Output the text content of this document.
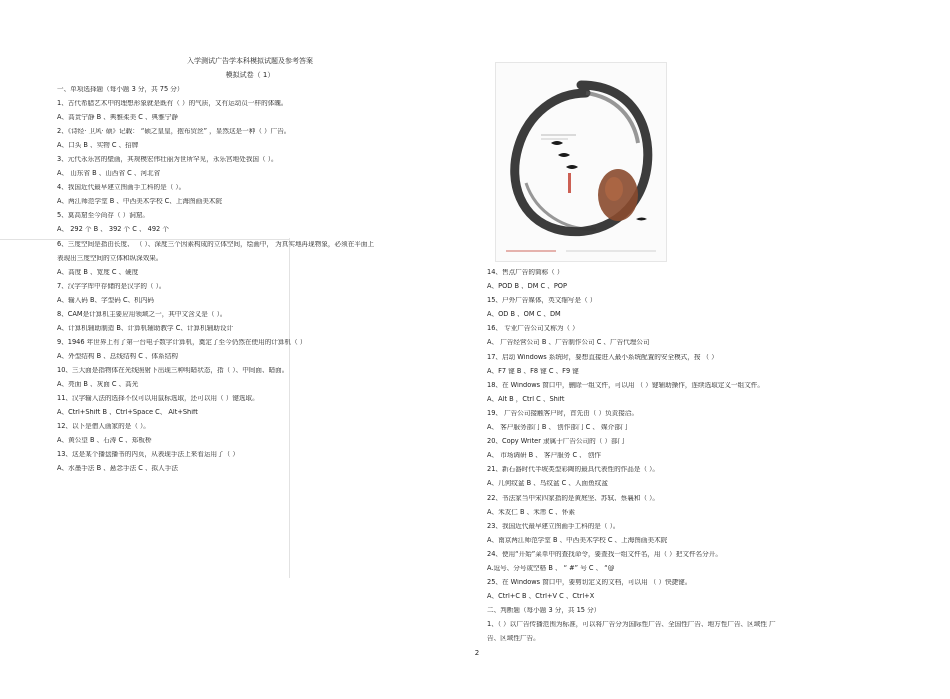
入学测试广告学本科模拟试题及参考答案
模拟试卷（ 1）
一、单项选择题（每小题 3 分，共 75 分）
1、古代希腊艺术中的理想形象就是既有（ ）的气质，又有运动员一样的体魄。
A、高贵宁静 B 、典雅柔美 C 、典雅宁静
2、《诗经· 卫风· 硕》记载： “硕之皇皇，抱布贸丝” ，显然这是一种（ ）广告。
A、口头 B 、实物 C 、招牌
3、元代永乐宫的壁画，其规模宏伟壮丽为世所罕见，永乐宫地处我国（ ）。
A、 山东省 B 、山西省 C 、河北省
4、我国近代最早建立图画手工科的是（ ）。
A、两江师范学堂 B 、中西美术学校 C、上海图画美术院
5、莫高窟至今尚存（ ）洞窟。
A、 292 个 B 、 392 个 C 、 492 个
6、三度空间是指由长度、 （ ）、深度三个因素构成的立体空间，绘画中， 为真实地再现物象，必须在平面上
表现出三度空间的立体和纵深效果。
A、高度 B 、宽度 C 、硬度
7、汉字字库中存储的是汉字的（ ）。
A、输入码 B、字型码 C、机内码
8、CAM是计算机主要应用领域之一，其中文含义是（ ）。
A、计算机辅助制造 B、计算机辅助教学 C、计算机辅助设计
9、1946 年世界上有了第一台电子数字计算机，奠定了至今仍然在使用的计算机（ ）
A、外型结构 B 、总线结构 C 、体系结构
10、三大面是指物体在光线照射下出现三种明暗状态，指（ ）、中间面、暗面。
A、亮面 B 、灰面 C 、高光
11、汉字输入法的选择不仅可以用鼠标选取，还可以用（ ）键选取。
A、Ctrl+Shift B 、Ctrl+Space C、 Alt+Shift
12、以下是僧人画家的是（ ）。
A、黄公望 B 、石涛 C 、郑板桥
13、这是某个播盘播书的内页，从表现手法上来看运用了（ ）
A、水墨手法 B 、悬念手法 C 、拟人手法
14、售点广告的简称（ ）
A、POD B 、DM C 、POP
15、户外广告媒体，英文缩写是（ ）
A、OD B 、OM C 、DM
16、 专业广告公司又称为（ ）
A、 广告经营公司 B 、广告制作公司 C 、广告代理公司
17、启动 Windows 系统时，要想直接进入最小系统配置的安全模式，按 （ ）
A、F7 键 B 、F8 键 C 、F9 键
18、在 Windows 窗口中，删除一组文件，可以用 （ ）键辅助操作，连续选取定义一组文件。
A、Alt B ，Ctrl C 、Shift
19、 广告公司接触客户时，首先由（ ）负责接洽。
A、 客户服务部门 B 、 创作部门 C 、 媒介部门
20、Copy Writer 隶属于广告公司的（ ）部门
A、 市场调研 B 、 客户服务 C 、 创作
21、新石器时代半坡类型彩陶的最具代表性的作品是（ ）。
A、几何纹盆 B 、鸟纹盆 C 、人面鱼纹盆
22、书法家当中宋四家指的是黄庭坚、苏轼、蔡襄和（ ）。
A、米友仁 B 、米芾 C 、怀素
23、我国近代最早建立图画手工科的是（ ）。
A、南京两江师范学堂 B 、中西美术学校 C 、上海图画美术院
24、使用“开始”菜单中的查找命令，要查找一组文件名，用（ ）把文件名分开。
A.逗号、分号或空格 B 、 “ #” 号 C 、 “@
25、在 Windows 窗口中，要剪切定义的文档，可以用 （ ）快捷键。
A、Ctrl+C B 、Ctrl+V C 、Ctrl+X
二、判断题（每小题 3 分，共 15 分）
1、（ ）以广告传播范围为标准，可以将广告分为国际性广告、全国性广告、地方性广告、区域性 广
告、区域性广告。
2
